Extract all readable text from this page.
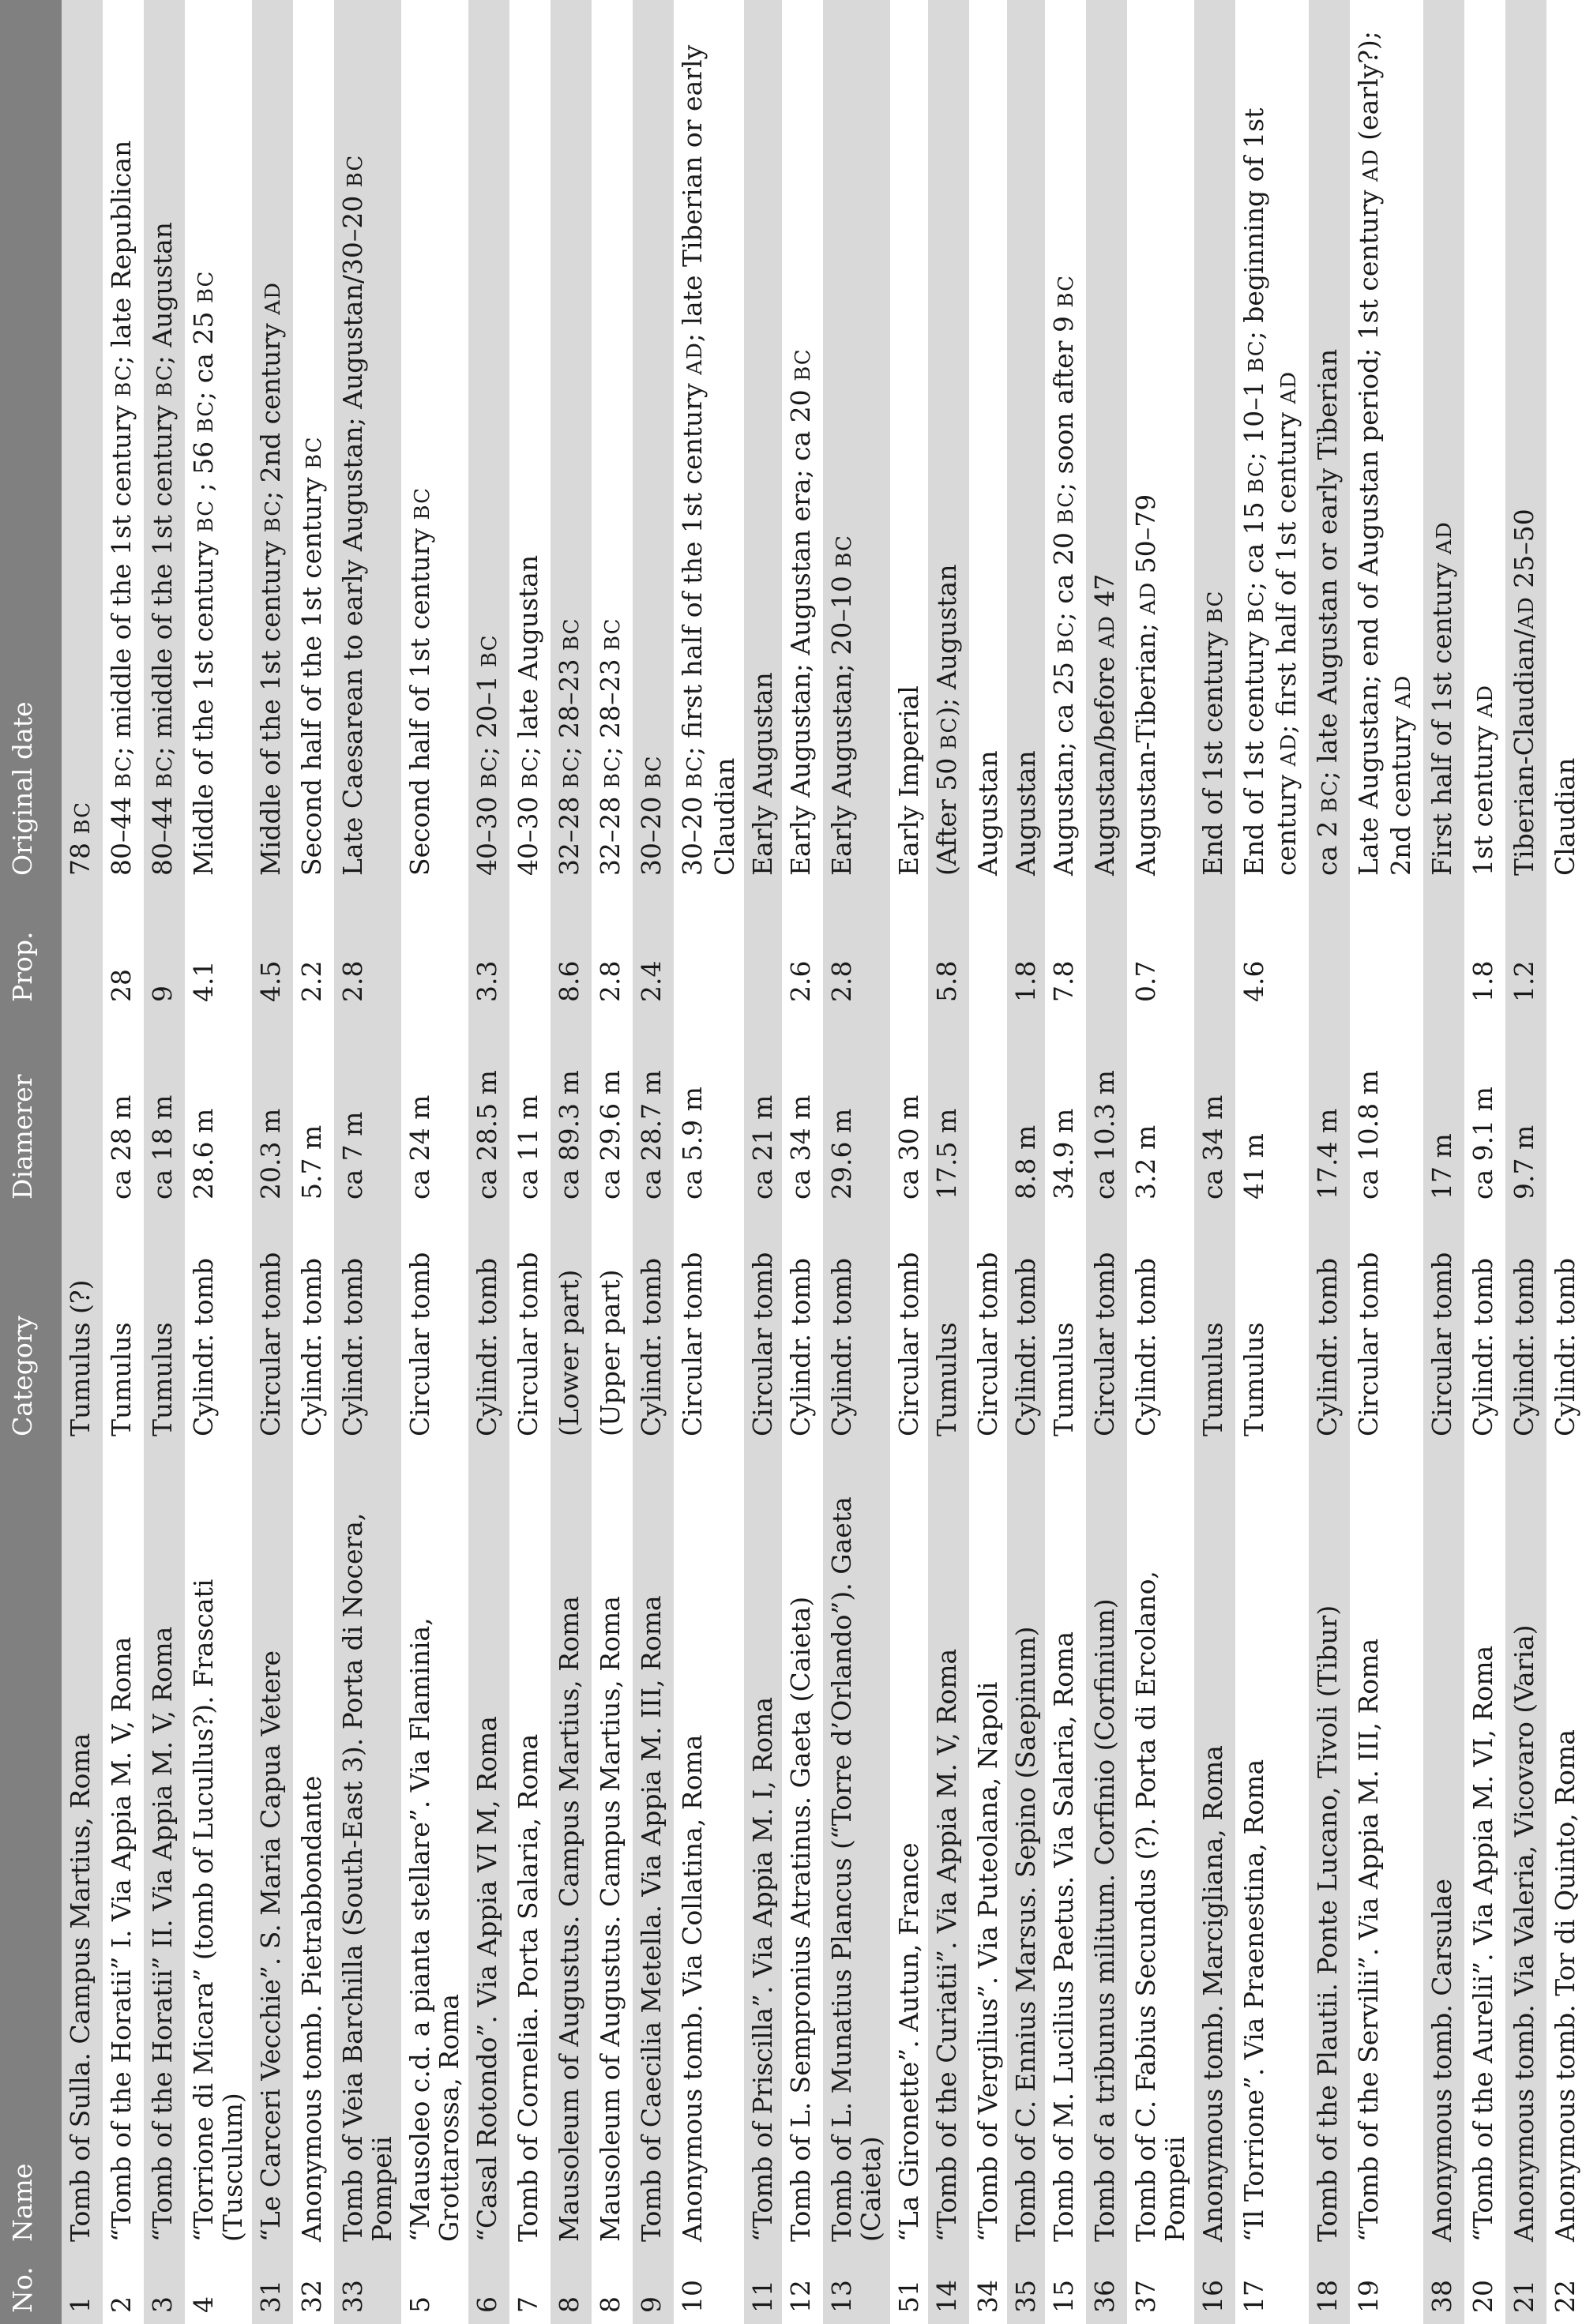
No.	Name	Category	Diamerer	Prop.	Original date
1	Tomb of Sulla. Campus Martius, Roma	Tumulus (?)			78 BC
2	“Tomb of the Horatii” I. Via Appia M. V, Roma	Tumulus	ca 28 m	28	80–44 BC; middle of the 1st century BC; late Republican
3	“Tomb of the Horatii” II. Via Appia M. V, Roma	Tumulus	ca 18 m	9	80–44 BC; middle of the 1st century BC; Augustan
4	“Torrione di Micara” (tomb of Lucullus?). Frascati (Tusculum)	Cylindr. tomb	28.6 m	4.1	Middle of the 1st century BC ; 56 BC; ca 25 BC
31	“Le Carceri Vecchie”. S. Maria Capua Vetere	Circular tomb	20.3 m	4.5	Middle of the 1st century BC; 2nd century AD
32	Anonymous tomb. Pietrabbondante	Cylindr. tomb	5.7 m	2.2	Second half of the 1st century BC
33	Tomb of Veia Barchilla (South-East 3). Porta di Nocera, Pompeii	Cylindr. tomb	ca 7 m	2.8	Late Caesarean to early Augustan; Augustan/30–20 BC
5	“Mausoleo c.d. a pianta stellare”. Via Flaminia, Grottarossa, Roma	Circular tomb	ca 24 m		Second half of 1st century BC
6	“Casal Rotondo”. Via Appia VI M, Roma	Cylindr. tomb	ca 28.5 m	3.3	40–30 BC; 20–1 BC
7	Tomb of Cornelia. Porta Salaria, Roma	Circular tomb	ca 11 m		40–30 BC; late Augustan
8	Mausoleum of Augustus. Campus Martius, Roma	(Lower part)	ca 89.3 m	8.6	32–28 BC; 28–23 BC
8	Mausoleum of Augustus. Campus Martius, Roma	(Upper part)	ca 29.6 m	2.8	32–28 BC; 28–23 BC
9	Tomb of Caecilia Metella. Via Appia M. III, Roma	Cylindr. tomb	ca 28.7 m	2.4	30–20 BC
10	Anonymous tomb. Via Collatina, Roma	Circular tomb	ca 5.9 m		30–20 BC; first half of the 1st century AD; late Tiberian or early Claudian
11	“Tomb of Priscilla”. Via Appia M. I, Roma	Circular tomb	ca 21 m		Early Augustan
12	Tomb of L. Sempronius Atratinus. Gaeta (Caieta)	Cylindr. tomb	ca 34 m	2.6	Early Augustan; Augustan era; ca 20 BC
13	Tomb of L. Munatius Plancus (“Torre d’Orlando”). Gaeta (Caieta)	Cylindr. tomb	29.6 m	2.8	Early Augustan; 20–10 BC
51	“La Gironette”. Autun, France	Circular tomb	ca 30 m		Early Imperial
14	“Tomb of the Curiatii”. Via Appia M. V, Roma	Tumulus	17.5 m	5.8	(After 50 BC); Augustan
34	“Tomb of Vergilius”. Via Puteolana, Napoli	Circular tomb			Augustan
35	Tomb of C. Ennius Marsus. Sepino (Saepinum)	Cylindr. tomb	8.8 m	1.8	Augustan
15	Tomb of M. Lucilius Paetus. Via Salaria, Roma	Tumulus	34.9 m	7.8	Augustan; ca 25 BC; ca 20 BC; soon after 9 BC
36	Tomb of a tribunus militum. Corfinio (Corfinium)	Circular tomb	ca 10.3 m		Augustan/before AD 47
37	Tomb of C. Fabius Secundus (?). Porta di Ercolano, Pompeii	Cylindr. tomb	3.2 m	0.7	Augustan-Tiberian; AD 50–79
16	Anonymous tomb. Marcigliana, Roma	Tumulus	ca 34 m		End of 1st century BC
17	“Il Torrione”. Via Praenestina, Roma	Tumulus	41 m	4.6	End of 1st century BC; ca 15 BC; 10–1 BC; beginning of 1st century AD; first half of 1st century AD
18	Tomb of the Plautii. Ponte Lucano, Tivoli (Tibur)	Cylindr. tomb	17.4 m		ca 2 BC; late Augustan or early Tiberian
19	“Tomb of the Servilii”. Via Appia M. III, Roma	Circular tomb	ca 10.8 m		Late Augustan; end of Augustan period; 1st century AD (early?); 2nd century AD
38	Anonymous tomb. Carsulae	Circular tomb	17 m		First half of 1st century AD
20	“Tomb of the Aurelii”. Via Appia M. VI, Roma	Cylindr. tomb	ca 9.1 m	1.8	1st century AD
21	Anonymous tomb. Via Valeria, Vicovaro (Varia)	Cylindr. tomb	9.7 m	1.2	Tiberian-Claudian/AD 25–50
22	Anonymous tomb. Tor di Quinto, Roma	Cylindr. tomb			Claudian
